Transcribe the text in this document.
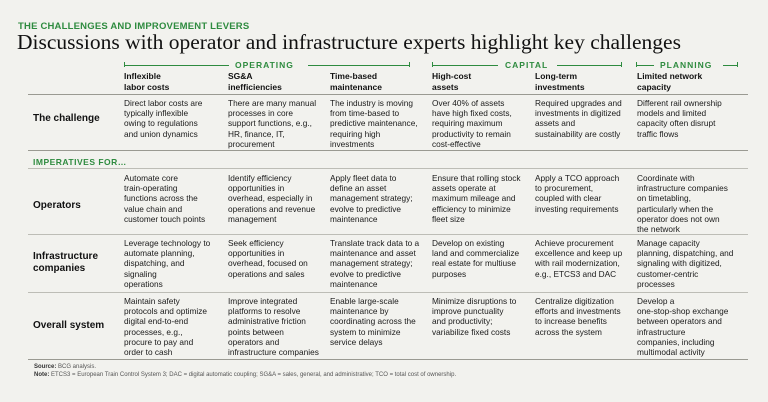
THE CHALLENGES AND IMPROVEMENT LEVERS
Discussions with operator and infrastructure experts highlight key challenges
OPERATING	CAPITAL	PLANNING
Inflexible
labor costs
SG&A
inefficiencies
Time-based
maintenance
High-cost
assets
Long-term
investments
Limited network
capacity
The challenge
Direct labor costs are
typically inflexible
owing to regulations
and union dynamics
There are many manual
processes in core
support functions, e.g.,
HR, finance, IT,
procurement
The industry is moving
from time-based to
predictive maintenance,
requiring high
investments
Over 40% of assets
have high fixed costs,
requiring maximum
productivity to remain
cost-effective
Required upgrades and
investments in digitized
assets and
sustainability are costly
Different rail ownership
models and limited
capacity often disrupt
traffic flows
IMPERATIVES FOR…
Operators
Automate core
train-operating
functions across the
value chain and
customer touch points
Identify efficiency
opportunities in
overhead, especially in
operations and revenue
management
Apply fleet data to
define an asset
management strategy;
evolve to predictive
maintenance
Ensure that rolling stock
assets operate at
maximum mileage and
efficiency to minimize
fleet size
Apply a TCO approach
to procurement,
coupled with clear
investing requirements
Coordinate with
infrastructure companies
on timetabling,
particularly when the
operator does not own
the network
Infrastructure
companies
Leverage technology to
automate planning,
dispatching, and
signaling
operations
Seek efficiency
opportunities in
overhead, focused on
operations and sales
Translate track data to a
maintenance and asset
management strategy;
evolve to predictive
maintenance
Develop on existing
land and commercialize
real estate for multiuse
purposes
Achieve procurement
excellence and keep up
with rail modernization,
e.g., ETCS3 and DAC
Manage capacity
planning, dispatching, and
signaling with digitized,
customer-centric
processes
Overall system
Maintain safety
protocols and optimize
digital end-to-end
processes, e.g.,
procure to pay and
order to cash
Improve integrated
platforms to resolve
administrative friction
points between
operators and
infrastructure companies
Enable large-scale
maintenance by
coordinating across the
system to minimize
service delays
Minimize disruptions to
improve punctuality
and productivity;
variabilize fixed costs
Centralize digitization
efforts and investments
to increase benefits
across the system
Develop a
one-stop-shop exchange
between operators and
infrastructure
companies, including
multimodal activity
Source: BCG analysis.
Note: ETCS3 = European Train Control System 3; DAC = digital automatic coupling; SG&A = sales, general, and administrative; TCO = total cost of ownership.
